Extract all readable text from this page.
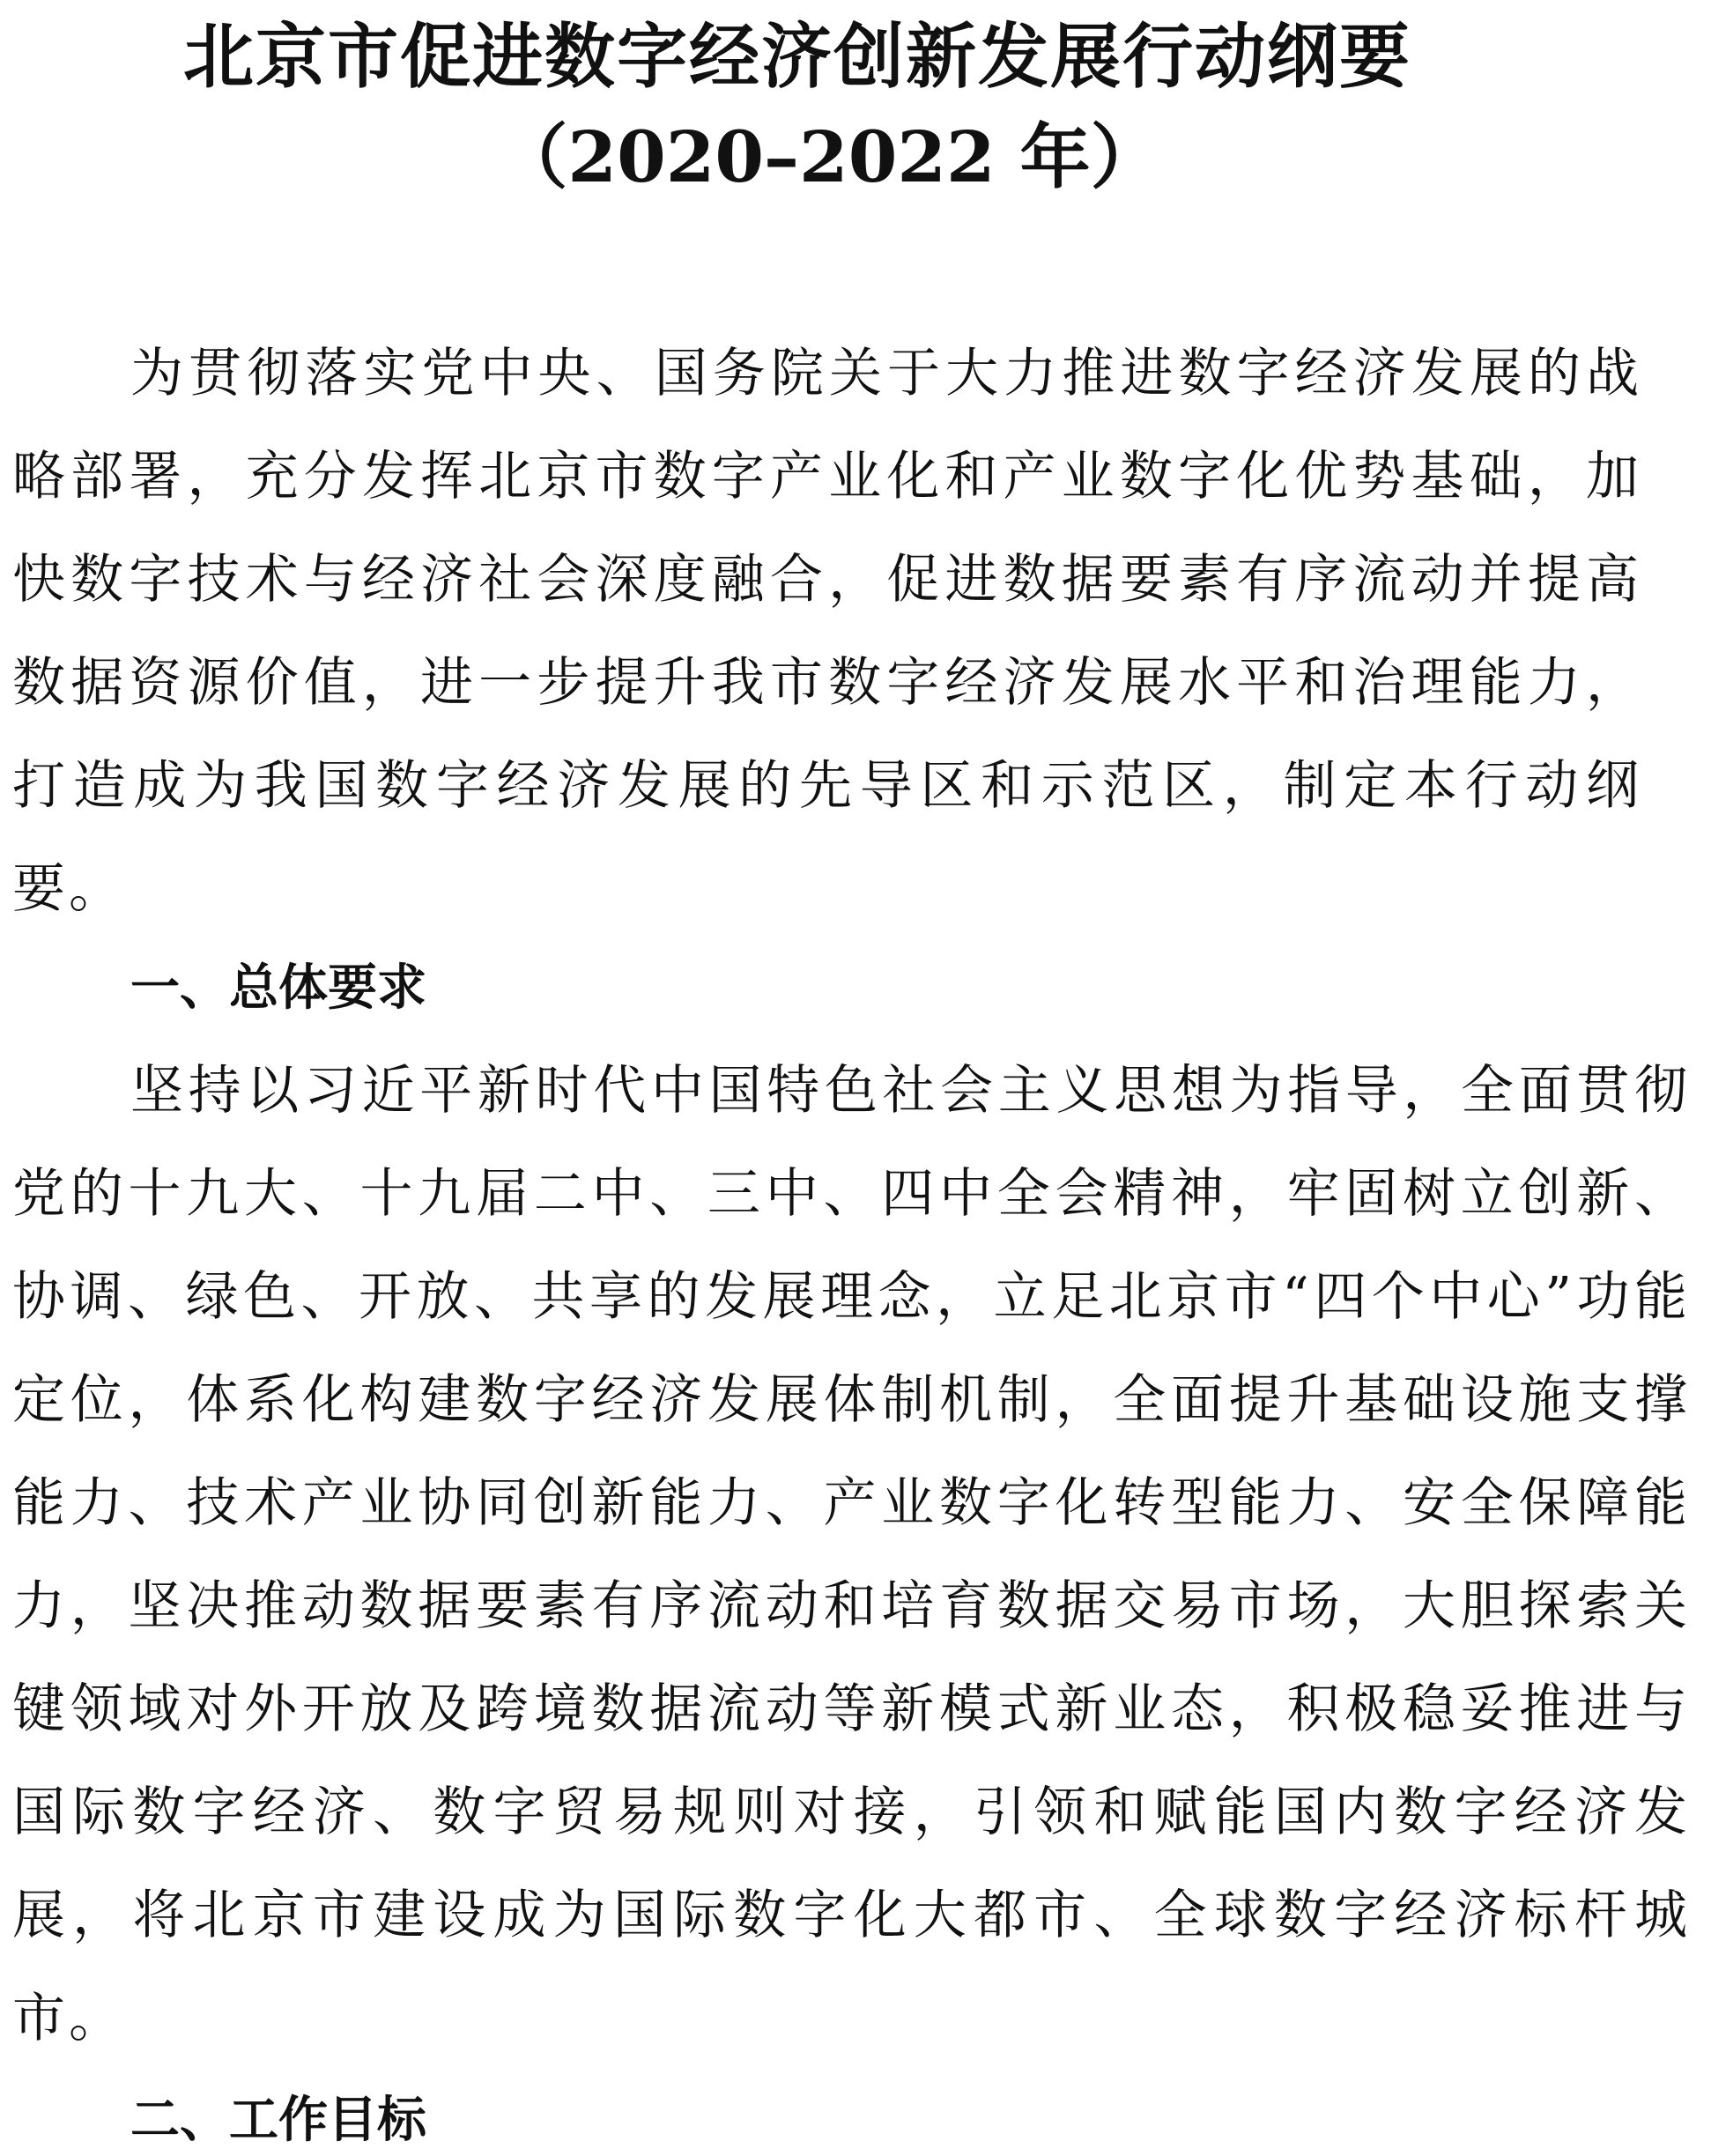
北京市促进数字经济创新发展行动纲要
（2020–2022 年）

为贯彻落实党中央、国务院关于大力推进数字经济发展的战略部署，充分发挥北京市数字产业化和产业数字化优势基础，加快数字技术与经济社会深度融合，促进数据要素有序流动并提高数据资源价值，进一步提升我市数字经济发展水平和治理能力，打造成为我国数字经济发展的先导区和示范区，制定本行动纲要。

一、总体要求

坚持以习近平新时代中国特色社会主义思想为指导，全面贯彻党的十九大、十九届二中、三中、四中全会精神，牢固树立创新、协调、绿色、开放、共享的发展理念，立足北京市“四个中心”功能定位，体系化构建数字经济发展体制机制，全面提升基础设施支撑能力、技术产业协同创新能力、产业数字化转型能力、安全保障能力，坚决推动数据要素有序流动和培育数据交易市场，大胆探索关键领域对外开放及跨境数据流动等新模式新业态，积极稳妥推进与国际数字经济、数字贸易规则对接，引领和赋能国内数字经济发展，将北京市建设成为国际数字化大都市、全球数字经济标杆城市。

二、工作目标
